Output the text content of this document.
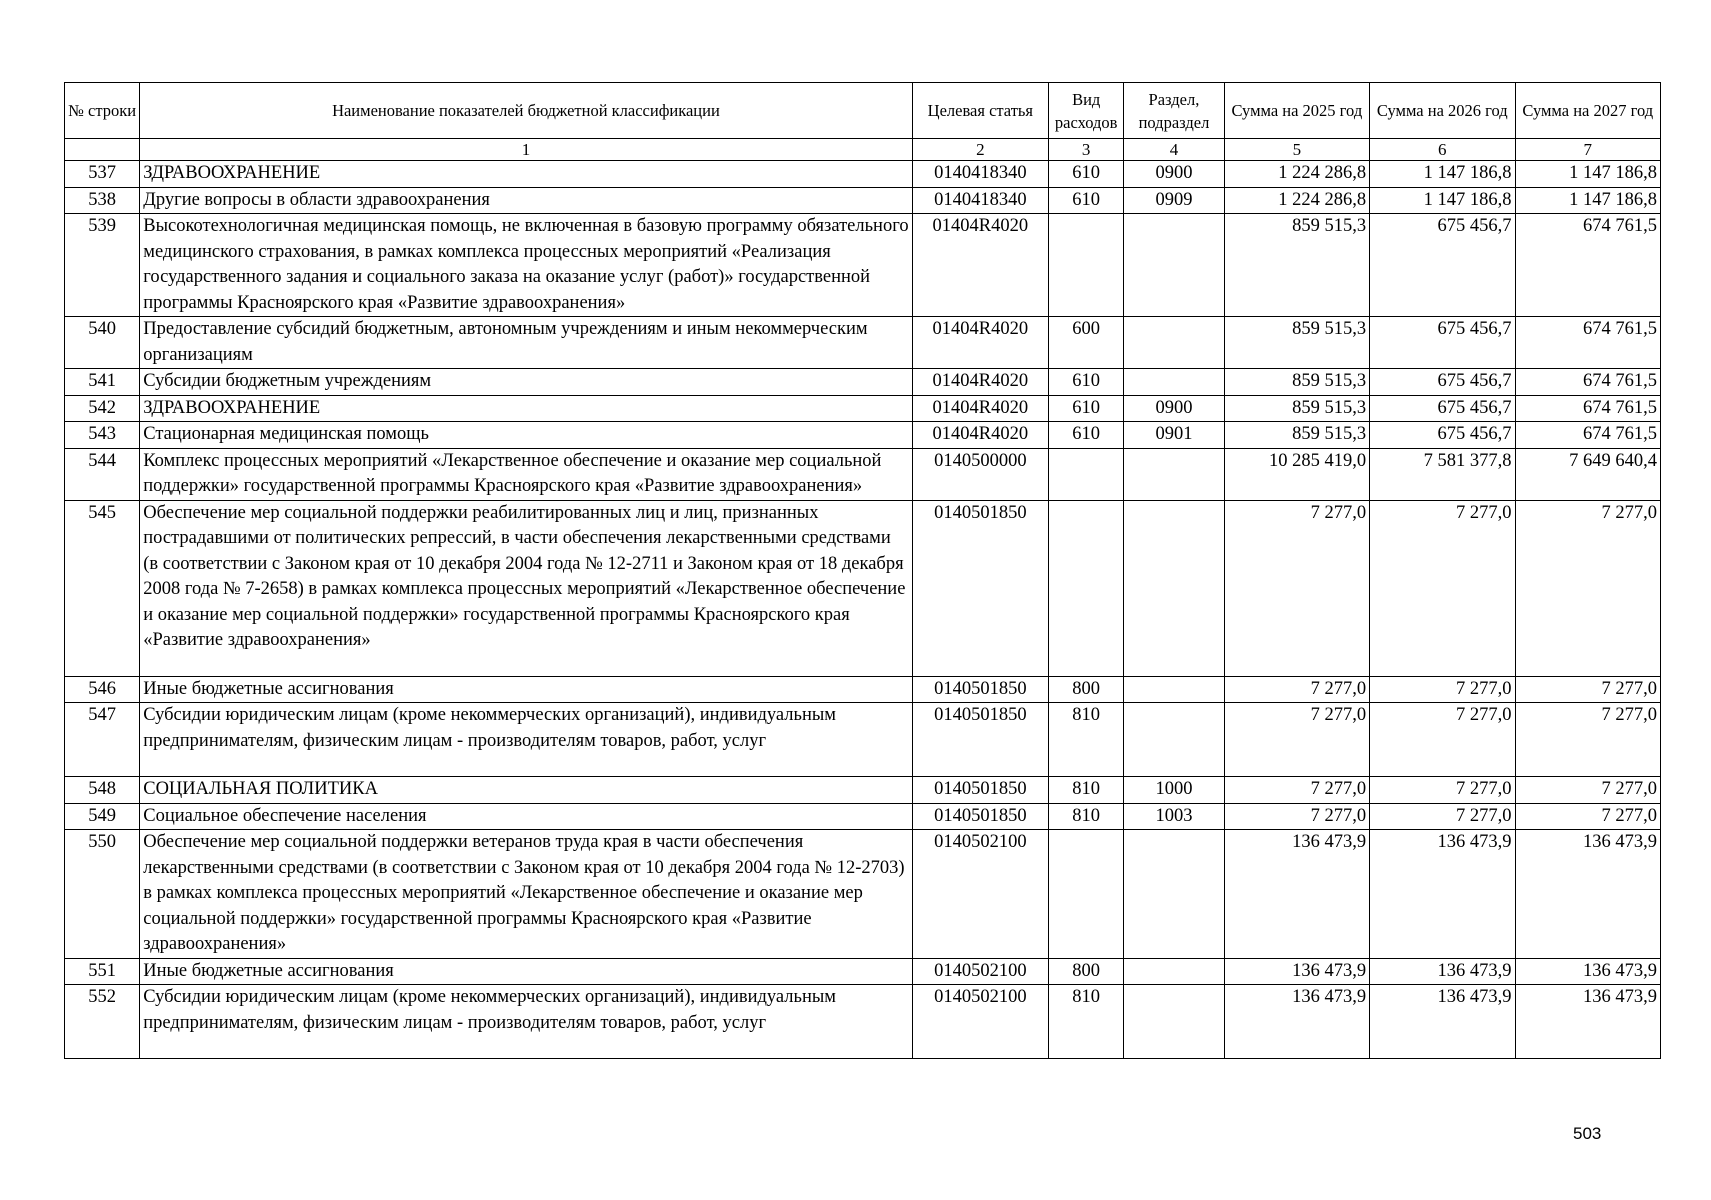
№ строки	Наименование показателей бюджетной классификации	Целевая статья	Вид расходов	Раздел, подраздел	Сумма на 2025 год	Сумма на 2026 год	Сумма на 2027 год
	1	2	3	4	5	6	7
537	ЗДРАВООХРАНЕНИЕ	0140418340	610	0900	1 224 286,8	1 147 186,8	1 147 186,8
538	Другие вопросы в области здравоохранения	0140418340	610	0909	1 224 286,8	1 147 186,8	1 147 186,8
539	Высокотехнологичная медицинская помощь, не включенная в базовую программу обязательного медицинского страхования, в рамках комплекса процессных мероприятий «Реализация государственного задания и социального заказа на оказание услуг (работ)» государственной программы Красноярского края «Развитие здравоохранения»	01404R4020			859 515,3	675 456,7	674 761,5
540	Предоставление субсидий бюджетным, автономным учреждениям и иным некоммерческим организациям	01404R4020	600		859 515,3	675 456,7	674 761,5
541	Субсидии бюджетным учреждениям	01404R4020	610		859 515,3	675 456,7	674 761,5
542	ЗДРАВООХРАНЕНИЕ	01404R4020	610	0900	859 515,3	675 456,7	674 761,5
543	Стационарная медицинская помощь	01404R4020	610	0901	859 515,3	675 456,7	674 761,5
544	Комплекс процессных мероприятий «Лекарственное обеспечение и оказание мер социальной поддержки» государственной программы Красноярского края «Развитие здравоохранения»	0140500000			10 285 419,0	7 581 377,8	7 649 640,4
545	Обеспечение мер социальной поддержки реабилитированных лиц и лиц, признанных пострадавшими от политических репрессий, в части обеспечения лекарственными средствами (в соответствии с Законом края от 10 декабря 2004 года № 12-2711 и Законом края от 18 декабря 2008 года № 7-2658) в рамках комплекса процессных мероприятий «Лекарственное обеспечение и оказание мер социальной поддержки» государственной программы Красноярского края «Развитие здравоохранения»	0140501850			7 277,0	7 277,0	7 277,0
546	Иные бюджетные ассигнования	0140501850	800		7 277,0	7 277,0	7 277,0
547	Субсидии юридическим лицам (кроме некоммерческих организаций), индивидуальным предпринимателям, физическим лицам - производителям товаров, работ, услуг	0140501850	810		7 277,0	7 277,0	7 277,0
548	СОЦИАЛЬНАЯ ПОЛИТИКА	0140501850	810	1000	7 277,0	7 277,0	7 277,0
549	Социальное обеспечение населения	0140501850	810	1003	7 277,0	7 277,0	7 277,0
550	Обеспечение мер социальной поддержки ветеранов труда края в части обеспечения лекарственными средствами (в соответствии с Законом края от 10 декабря 2004 года № 12-2703) в рамках комплекса процессных мероприятий «Лекарственное обеспечение и оказание мер социальной поддержки» государственной программы Красноярского края «Развитие здравоохранения»	0140502100			136 473,9	136 473,9	136 473,9
551	Иные бюджетные ассигнования	0140502100	800		136 473,9	136 473,9	136 473,9
552	Субсидии юридическим лицам (кроме некоммерческих организаций), индивидуальным предпринимателям, физическим лицам - производителям товаров, работ, услуг	0140502100	810		136 473,9	136 473,9	136 473,9
503
